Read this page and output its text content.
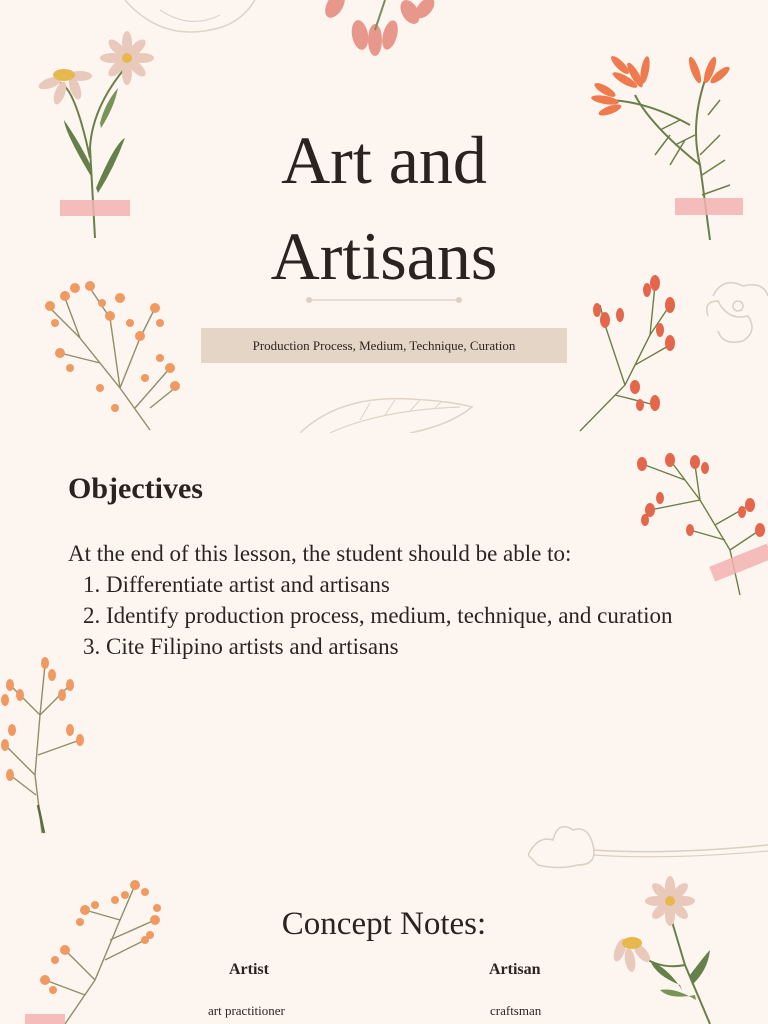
Art and
Artisans
Production Process, Medium, Technique, Curation
Objectives

At the end of this lesson, the student should be able to:

1. Differentiate artist and artisans
2. Identify production process, medium, technique, and curation
3. Cite Filipino artists and artisans
Concept Notes:

Artist	Artisan

art practitioner	craftsman
